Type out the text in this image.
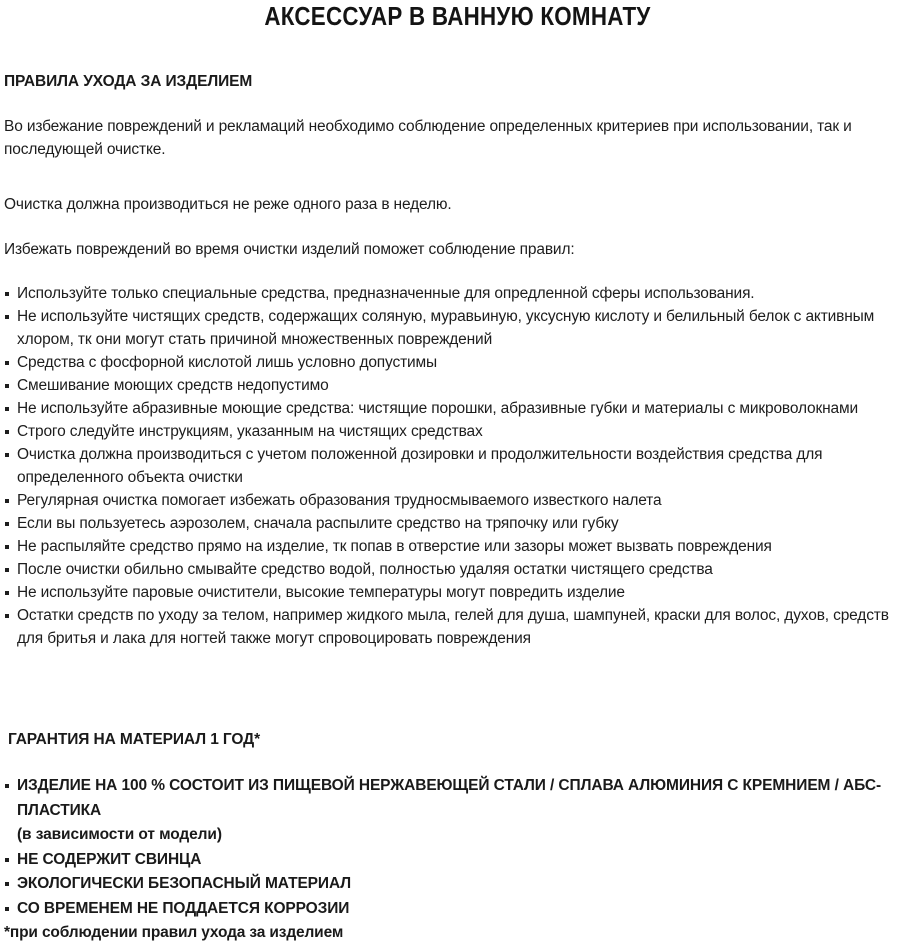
АКСЕССУАР В ВАННУЮ КОМНАТУ
ПРАВИЛА УХОДА ЗА ИЗДЕЛИЕМ

Во избежание повреждений и рекламаций необходимо соблюдение определенных критериев при использовании, так и последующей очистке.

Очистка должна производиться не реже одного раза в неделю.

Избежать повреждений во время очистки изделий поможет соблюдение правил:

Используйте только специальные средства, предназначенные для опредленной сферы использования.
Не используйте чистящих средств, содержащих соляную, муравьиную, уксусную кислоту и белильный белок с активным хлором, тк они могут стать причиной множественных повреждений
Средства с фосфорной кислотой лишь условно допустимы
Смешивание моющих средств недопустимо
Не используйте абразивные моющие средства: чистящие порошки, абразивные губки и материалы с микроволокнами
Строго следуйте инструкциям, указанным на чистящих средствах
Очистка должна производиться с учетом положенной дозировки и продолжительности воздействия средства для определенного объекта очистки
Регулярная очистка помогает избежать образования трудносмываемого известкого налета
Если вы пользуетесь аэрозолем, сначала распылите средство на тряпочку или губку
Не распыляйте средство прямо на изделие, тк попав в отверстие или зазоры может вызвать повреждения
После очистки обильно смывайте средство водой, полностью удаляя остатки чистящего средства
Не используйте паровые очистители, высокие температуры могут повредить изделие
Остатки средств по уходу за телом, например жидкого мыла, гелей для душа, шампуней, краски для волос, духов, средств для бритья и лака для ногтей также могут спровоцировать повреждения
ГАРАНТИЯ НА МАТЕРИАЛ 1 ГОД*
ИЗДЕЛИЕ НА 100 % СОСТОИТ ИЗ ПИЩЕВОЙ НЕРЖАВЕЮЩЕЙ СТАЛИ / СПЛАВА АЛЮМИНИЯ С КРЕМНИЕМ / АБС-ПЛАСТИКА
(в зависимости от модели)
НЕ СОДЕРЖИТ СВИНЦА
ЭКОЛОГИЧЕСКИ БЕЗОПАСНЫЙ МАТЕРИАЛ
СО ВРЕМЕНЕМ НЕ ПОДДАЕТСЯ КОРРОЗИИ

*при соблюдении правил ухода за изделием
